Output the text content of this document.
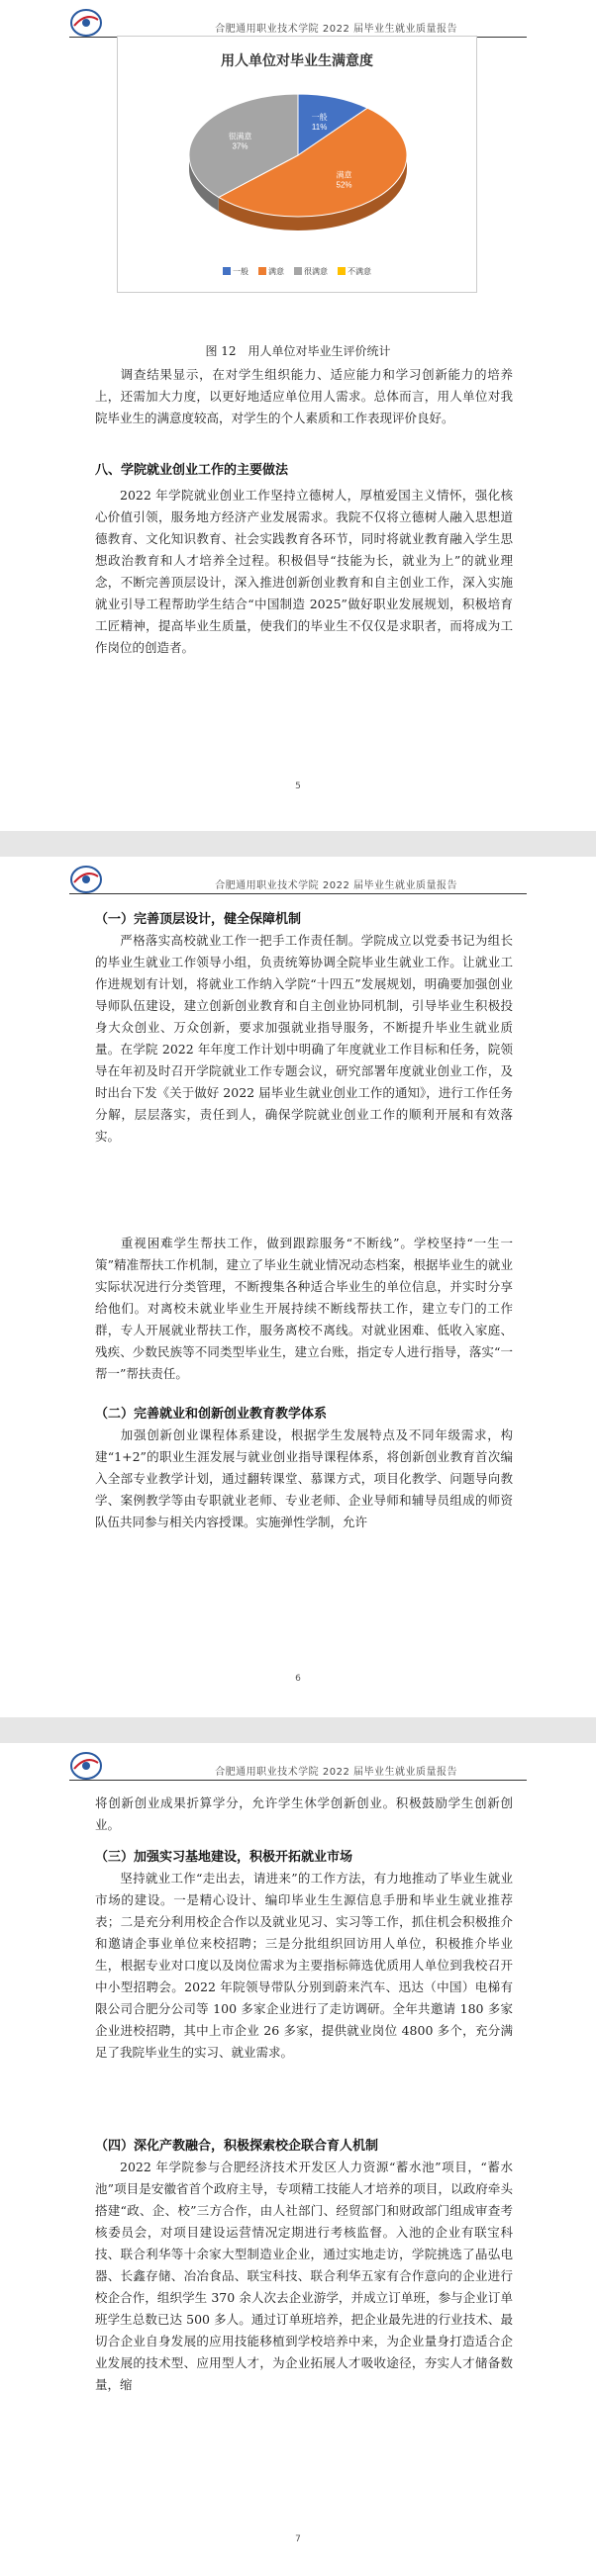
合肥通用职业技术学院 2022 届毕业生就业质量报告
用人单位对毕业生满意度
一般
11%
满意
52%
很满意
37%
一般	满意	很满意	不满意
图 12　用人单位对毕业生评价统计
调查结果显示，在对学生组织能力、适应能力和学习创新能力的培养上，还需加大力度，以更好地适应单位用人需求。总体而言，用人单位对我院毕业生的满意度较高，对学生的个人素质和工作表现评价良好。
八、学院就业创业工作的主要做法
2022 年学院就业创业工作坚持立德树人，厚植爱国主义情怀，强化核心价值引领，服务地方经济产业发展需求。我院不仅将立德树人融入思想道德教育、文化知识教育、社会实践教育各环节，同时将就业教育融入学生思想政治教育和人才培养全过程。积极倡导“技能为长，就业为上”的就业理念，不断完善顶层设计，深入推进创新创业教育和自主创业工作，深入实施就业引导工程帮助学生结合“中国制造 2025”做好职业发展规划，积极培育工匠精神，提高毕业生质量，使我们的毕业生不仅仅是求职者，而将成为工作岗位的创造者。
5
合肥通用职业技术学院 2022 届毕业生就业质量报告
（一）完善顶层设计，健全保障机制
严格落实高校就业工作一把手工作责任制。学院成立以党委书记为组长的毕业生就业工作领导小组，负责统筹协调全院毕业生就业工作。让就业工作进规划有计划，将就业工作纳入学院“十四五”发展规划，明确要加强创业导师队伍建设，建立创新创业教育和自主创业协同机制，引导毕业生积极投身大众创业、万众创新，要求加强就业指导服务，不断提升毕业生就业质量。在学院 2022 年年度工作计划中明确了年度就业工作目标和任务，院领导在年初及时召开学院就业工作专题会议，研究部署年度就业创业工作，及时出台下发《关于做好 2022 届毕业生就业创业工作的通知》，进行工作任务分解，层层落实，责任到人，确保学院就业创业工作的顺利开展和有效落实。
重视困难学生帮扶工作，做到跟踪服务“不断线”。学校坚持“一生一策”精准帮扶工作机制，建立了毕业生就业情况动态档案，根据毕业生的就业实际状况进行分类管理，不断搜集各种适合毕业生的单位信息，并实时分享给他们。对离校未就业毕业生开展持续不断线帮扶工作，建立专门的工作群，专人开展就业帮扶工作，服务离校不离线。对就业困难、低收入家庭、残疾、少数民族等不同类型毕业生，建立台账，指定专人进行指导，落实“一帮一”帮扶责任。
（二）完善就业和创新创业教育教学体系
加强创新创业课程体系建设，根据学生发展特点及不同年级需求，构建“1+2”的职业生涯发展与就业创业指导课程体系，将创新创业教育首次编入全部专业教学计划，通过翻转课堂、慕课方式，项目化教学、问题导向教学、案例教学等由专职就业老师、专业老师、企业导师和辅导员组成的师资队伍共同参与相关内容授课。实施弹性学制，允许
6
合肥通用职业技术学院 2022 届毕业生就业质量报告
将创新创业成果折算学分，允许学生休学创新创业。积极鼓励学生创新创业。
（三）加强实习基地建设，积极开拓就业市场
坚持就业工作“走出去，请进来”的工作方法，有力地推动了毕业生就业市场的建设。一是精心设计、编印毕业生生源信息手册和毕业生就业推荐表；二是充分利用校企合作以及就业见习、实习等工作，抓住机会积极推介和邀请企事业单位来校招聘；三是分批组织回访用人单位，积极推介毕业生，根据专业对口度以及岗位需求为主要指标筛选优质用人单位到我校召开中小型招聘会。2022 年院领导带队分别到蔚来汽车、迅达（中国）电梯有限公司合肥分公司等 100 多家企业进行了走访调研。全年共邀请 180 多家企业进校招聘，其中上市企业 26 多家，提供就业岗位 4800 多个，充分满足了我院毕业生的实习、就业需求。
（四）深化产教融合，积极探索校企联合育人机制
2022 年学院参与合肥经济技术开发区人力资源“蓄水池”项目，“蓄水池”项目是安徽省首个政府主导，专项精工技能人才培养的项目，以政府牵头搭建“政、企、校”三方合作，由人社部门、经贸部门和财政部门组成审查考核委员会，对项目建设运营情况定期进行考核监督。入池的企业有联宝科技、联合利华等十余家大型制造业企业，通过实地走访，学院挑选了晶弘电器、长鑫存储、冶冶食品、联宝科技、联合利华五家有合作意向的企业进行校企合作，组织学生 370 余人次去企业游学，并成立订单班，参与企业订单班学生总数已达 500 多人。通过订单班培养，把企业最先进的行业技术、最切合企业自身发展的应用技能移植到学校培养中来，为企业量身打造适合企业发展的技术型、应用型人才，为企业拓展人才吸收途径，夯实人才储备数量，缩
7
